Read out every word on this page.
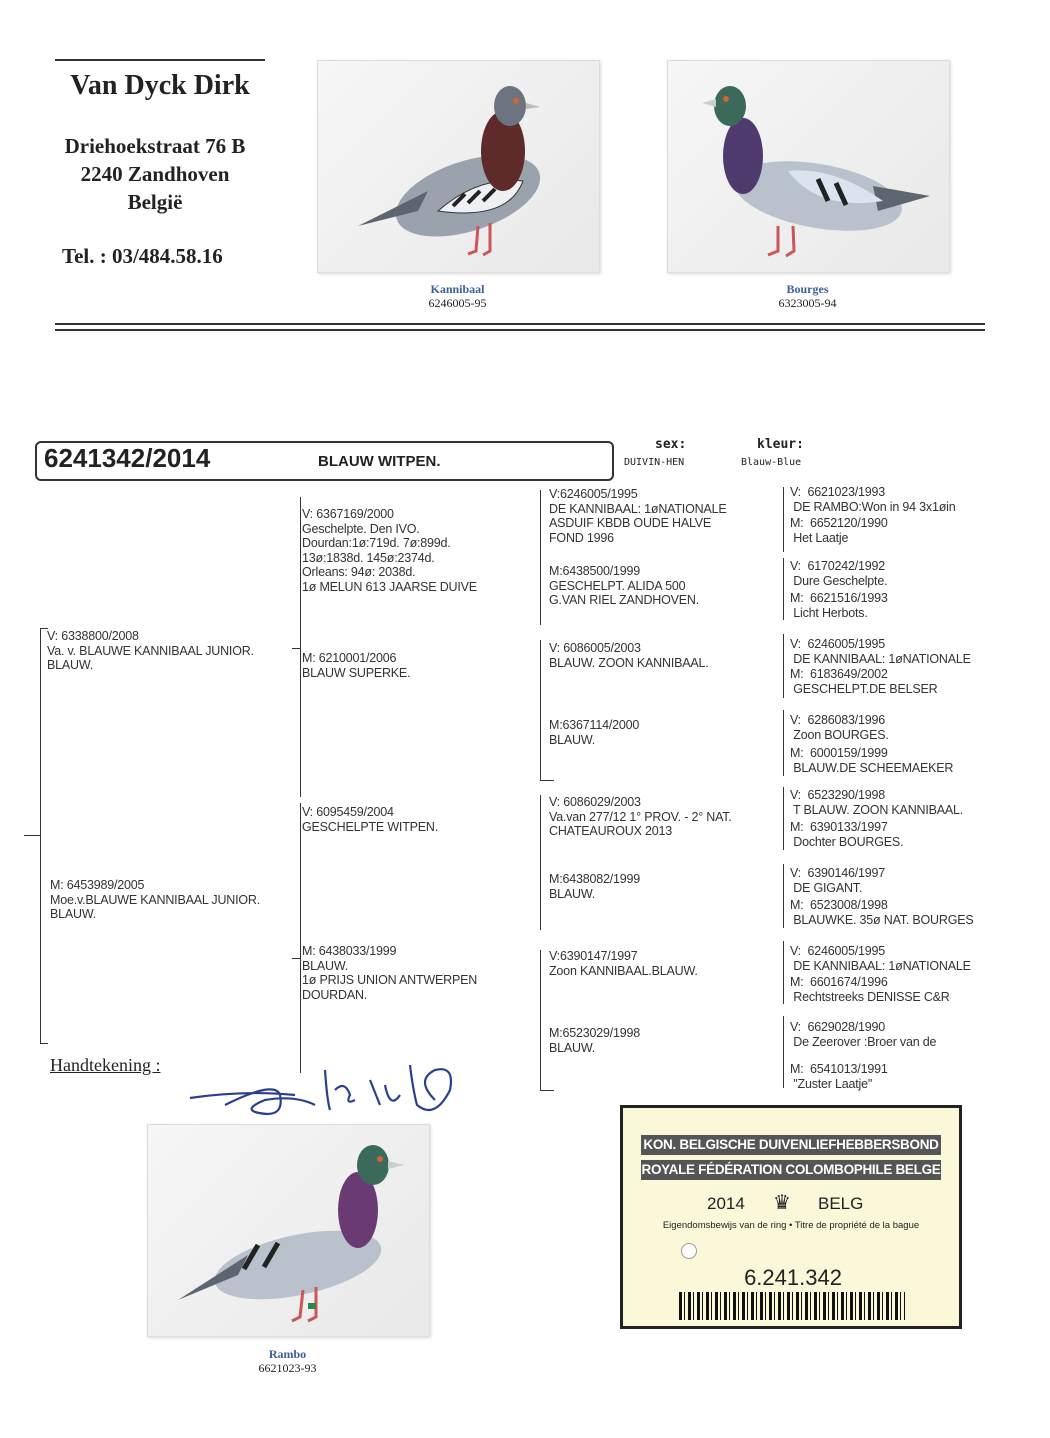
Van Dyck Dirk
Driehoekstraat 76 B
2240 Zandhoven
België
Tel. : 03/484.58.16
Kannibaal
6246005-95
Bourges
6323005-94
6241342/2014	BLAUW WITPEN.
sex:
DUIVIN-HEN
kleur:
Blauw-Blue
V: 6338800/2008
Va. v. BLAUWE KANNIBAAL JUNIOR.
BLAUW.
M: 6453989/2005
Moe.v.BLAUWE KANNIBAAL JUNIOR.
BLAUW.
V: 6367169/2000
Geschelpte. Den IVO.
Dourdan:1ø:719d. 7ø:899d.
13ø:1838d. 145ø:2374d.
Orleans: 94ø: 2038d.
1ø MELUN 613 JAARSE DUIVE
M: 6210001/2006
BLAUW SUPERKE.
V: 6095459/2004
GESCHELPTE WITPEN.
M: 6438033/1999
BLAUW.
1ø PRIJS UNION ANTWERPEN
DOURDAN.
V:6246005/1995
DE KANNIBAAL: 1øNATIONALE
ASDUIF KBDB OUDE HALVE
FOND 1996
M:6438500/1999
GESCHELPT. ALIDA 500
G.VAN RIEL ZANDHOVEN.
V: 6086005/2003
BLAUW. ZOON KANNIBAAL.
M:6367114/2000
BLAUW.
V: 6086029/2003
Va.van 277/12 1° PROV. - 2° NAT.
CHATEAUROUX 2013
M:6438082/1999
BLAUW.
V:6390147/1997
Zoon KANNIBAAL.BLAUW.
M:6523029/1998
BLAUW.
V:  6621023/1993
DE RAMBO:Won in 94 3x1øin
M:  6652120/1990
Het Laatje
V:  6170242/1992
Dure Geschelpte.
M:  6621516/1993
Licht Herbots.
V:  6246005/1995
DE KANNIBAAL: 1øNATIONALE
M:  6183649/2002
GESCHELPT.DE BELSER
V:  6286083/1996
Zoon BOURGES.
M:  6000159/1999
BLAUW.DE SCHEEMAEKER
V:  6523290/1998
T BLAUW. ZOON KANNIBAAL.
M:  6390133/1997
Dochter BOURGES.
V:  6390146/1997
DE GIGANT.
M:  6523008/1998
BLAUWKE. 35ø NAT. BOURGES
V:  6246005/1995
DE KANNIBAAL: 1øNATIONALE
M:  6601674/1996
Rechtstreeks DENISSE C&R
V:  6629028/1990
De Zeerover :Broer van de
M:  6541013/1991
"Zuster Laatje"
Handtekening :
Rambo
6621023-93
KON. BELGISCHE DUIVENLIEFHEBBERSBOND
ROYALE FÉDÉRATION COLOMBOPHILE BELGE
2014 ♛ BELG
Eigendomsbewijs van de ring • Titre de propriété de la bague
6.241.342
